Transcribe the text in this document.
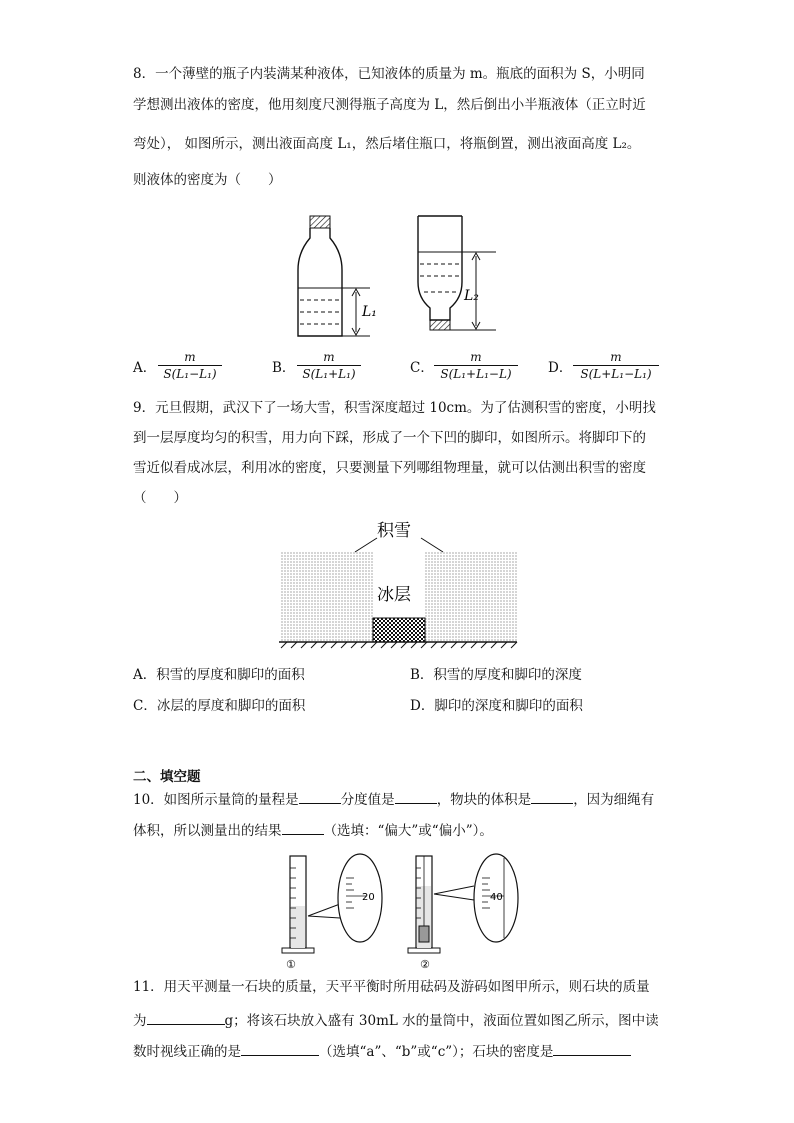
8．一个薄壁的瓶子内装满某种液体，已知液体的质量为 m。瓶底的面积为 S，小明同
学想测出液体的密度，他用刻度尺测得瓶子高度为 L，然后倒出小半瓶液体（正立时近
弯处）， 如图所示，测出液面高度 L₁，然后堵住瓶口，将瓶倒置，测出液面高度 L₂。
则液体的密度为（　　）
L₁
L₂
A． $\frac{m}{\text{S(L₁−L₁)}}$	B． $\frac{m}{\text{S(L₁+L₁)}}$	C． $\frac{m}{\text{S(L₁+L₁−L)}}$ D． $\frac{m}{\text{S(L+L₁−L₁)}}$
9．元旦假期，武汉下了一场大雪，积雪深度超过 10cm。为了估测积雪的密度，小明找
到一层厚度均匀的积雪，用力向下踩，形成了一个下凹的脚印，如图所示。将脚印下的
雪近似看成冰层，利用冰的密度，只要测量下列哪组物理量，就可以估测出积雪的密度
（　　）
积雪
冰层
A．积雪的厚度和脚印的面积	B．积雪的厚度和脚印的深度
C．冰层的厚度和脚印的面积	D．脚印的深度和脚印的面积
二、填空题
10．如图所示量筒的量程是	分度值是	，物块的体积是	，因为细绳有
体积，所以测量出的结果	（选填：“偏大”或“偏小”）。
20
①
40
②
11．用天平测量一石块的质量，天平平衡时所用砝码及游码如图甲所示，则石块的质量
为	g；将该石块放入盛有 30mL 水的量筒中，液面位置如图乙所示，图中读
数时视线正确的是	（选填“a”、“b”或“c”）；石块的密度是
